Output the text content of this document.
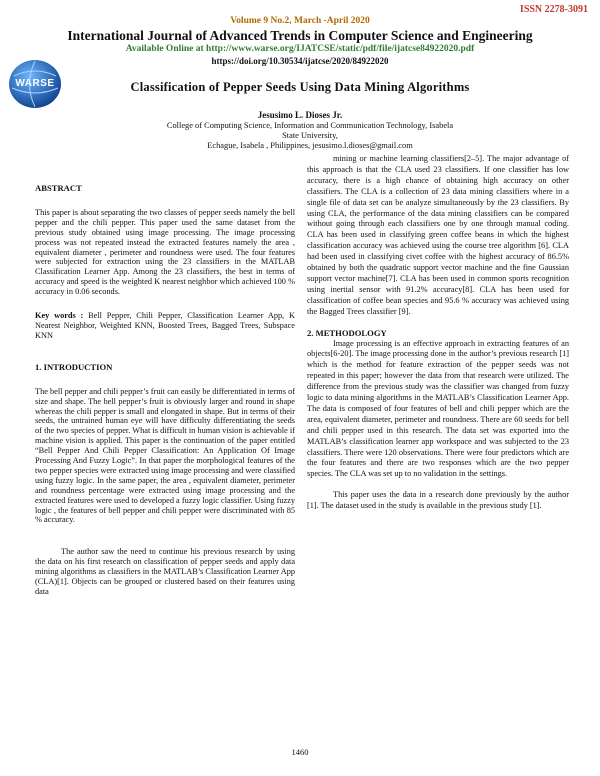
ISSN 2278-3091
Volume 9 No.2, March -April 2020
International Journal of Advanced Trends in Computer Science and Engineering
Available Online at http://www.warse.org/IJATCSE/static/pdf/file/ijatcse84922020.pdf
https://doi.org/10.30534/ijatcse/2020/84922020
WARSE	Classification of Pepper Seeds Using Data Mining Algorithms
Jesusimo L. Dioses Jr.
College of Computing Science, Information and Communication Technology, Isabela State University,
Echague, Isabela , Philippines, jesusimo.l.dioses@gmail.com
ABSTRACT
This paper is about separating the two classes of pepper seeds namely the bell pepper and the chili pepper. This paper used the same dataset from the previous study obtained using image processing. The image processing process was not repeated instead the extracted features namely the area , equivalent diameter , perimeter and roundness were used. The four features were subjected for extraction using the 23 classifiers in the MATLAB Classification Learner App. Among the 23 classifiers, the best in terms of accuracy and speed is the weighted K nearest neighbor which achieved 100 % accuracy in 0.06 seconds.
Key words : Bell Pepper, Chili Pepper, Classification Learner App, K Nearest Neighbor, Weighted KNN, Boosted Trees, Bagged Trees, Subspace KNN
1. INTRODUCTION
The bell pepper and chili pepper’s fruit can easily be differentiated in terms of size and shape. The bell pepper’s fruit is obviously larger and round in shape whereas the chili pepper is small and elongated in shape. But in terms of their seeds, the untrained human eye will have difficulty differentiating the seeds of the two species of pepper. What is difficult in human vision is achievable if machine vision is applied. This paper is the continuation of the paper entitled “Bell Pepper And Chili Pepper Classification: An Application Of Image Processing And Fuzzy Logic”. In that paper the morphological features of the two pepper species were extracted using image processing and were classified using fuzzy logic. In the same paper, the area , equivalent diameter, perimeter and roundness percentage were extracted using image processing and the extracted features were used to developed a fuzzy logic classifier. Using fuzzy logic , the features of bell pepper and chili pepper were discriminated with 85 % accuracy.
The author saw the need to continue his previous research by using the data on his first research on classification of pepper seeds and apply data mining algorithms as classifiers in the MATLAB’s Classification Learner App (CLA)[1]. Objects can be grouped or clustered based on their features using data
mining or machine learning classifiers[2–5]. The major advantage of this approach is that the CLA used 23 classifiers. If one classifier has low accuracy, there is a high chance of obtaining high accuracy on other classifiers. The CLA is a collection of 23 data mining classifiers where in a single file of data set can be analyze simultaneously by the 23 classifiers. By using CLA, the performance of the data mining classifiers can be compared without going through each classifiers one by one through manual coding. CLA has been used in classifying green coffee beans in which the highest classification accuracy was achieved using the course tree algorithm [6]. CLA had been used in classifying civet coffee with the highest accuracy of 86.5% obtained by both the quadratic support vector machine and the fine Gaussian support vector machine[7]. CLA has been used in common sports recognition using inertial sensor with 91.2% accuracy[8]. CLA has been used for classification of coffee bean species and 95.6 % accuracy was achieved using the Bagged Trees classifier [9].
2. METHODOLOGY
Image processing is an effective approach in extracting features of an objects[6-20]. The image processing done in the author’s previous research [1] which is the method for feature extraction of the pepper seeds was not repeated in this paper; however the data from that research were utilized. The difference from the previous study was the classifier was changed from fuzzy logic to data mining algorithms in the MATLAB’s Classification Learner App. The data is composed of four features of bell and chili pepper which are the area, equivalent diameter, perimeter and roundness. There are 60 seeds for bell and chili pepper used in this research. The data set was exported into the MATLAB’s classification learner app workspace and was subjected to the 23 classifiers. There were 120 observations. There were four predictors which are the four features and there are two responses which are the two pepper species. The CLA was set up to no validation in the settings.
This paper uses the data in a research done previously by the author [1]. The dataset used in the study is available in the previous study [1].
1460
